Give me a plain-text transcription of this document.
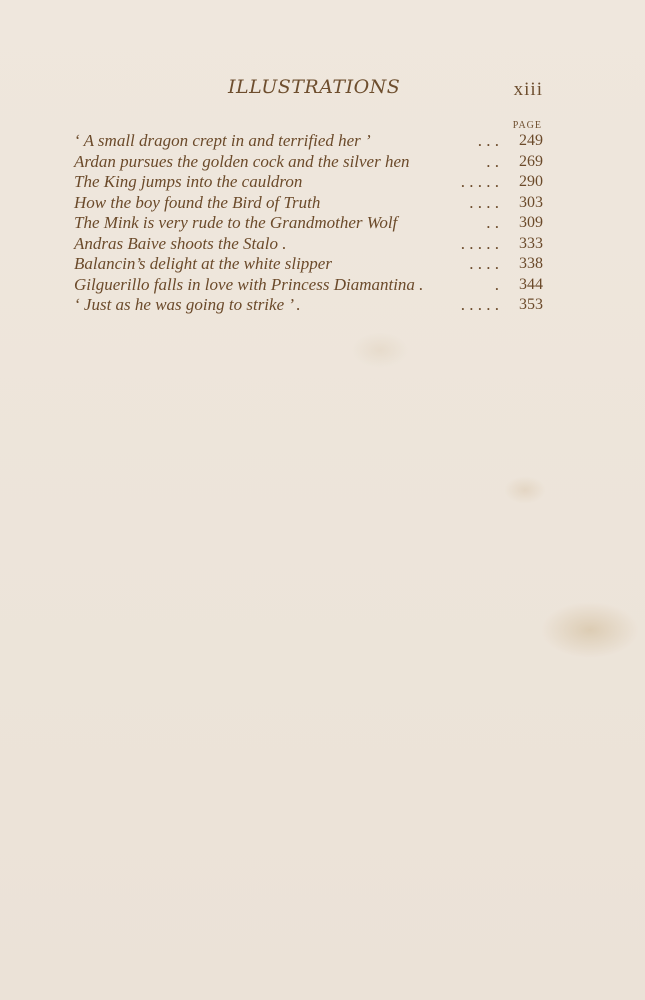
ILLUSTRATIONS	xiii
PAGE
‘ A small dragon crept in and terrified her ’	. . .	249
Ardan pursues the golden cock and the silver hen	. .	269
The King jumps into the cauldron	. . . . .	290
How the boy found the Bird of Truth	. . . .	303
The Mink is very rude to the Grandmother Wolf	. .	309
Andras Baive shoots the Stalo .	. . . . .	333
Balancin’s delight at the white slipper	. . . .	338
Gilguerillo falls in love with Princess Diamantina .	.	344
‘ Just as he was going to strike ’ .	. . . . .	353
